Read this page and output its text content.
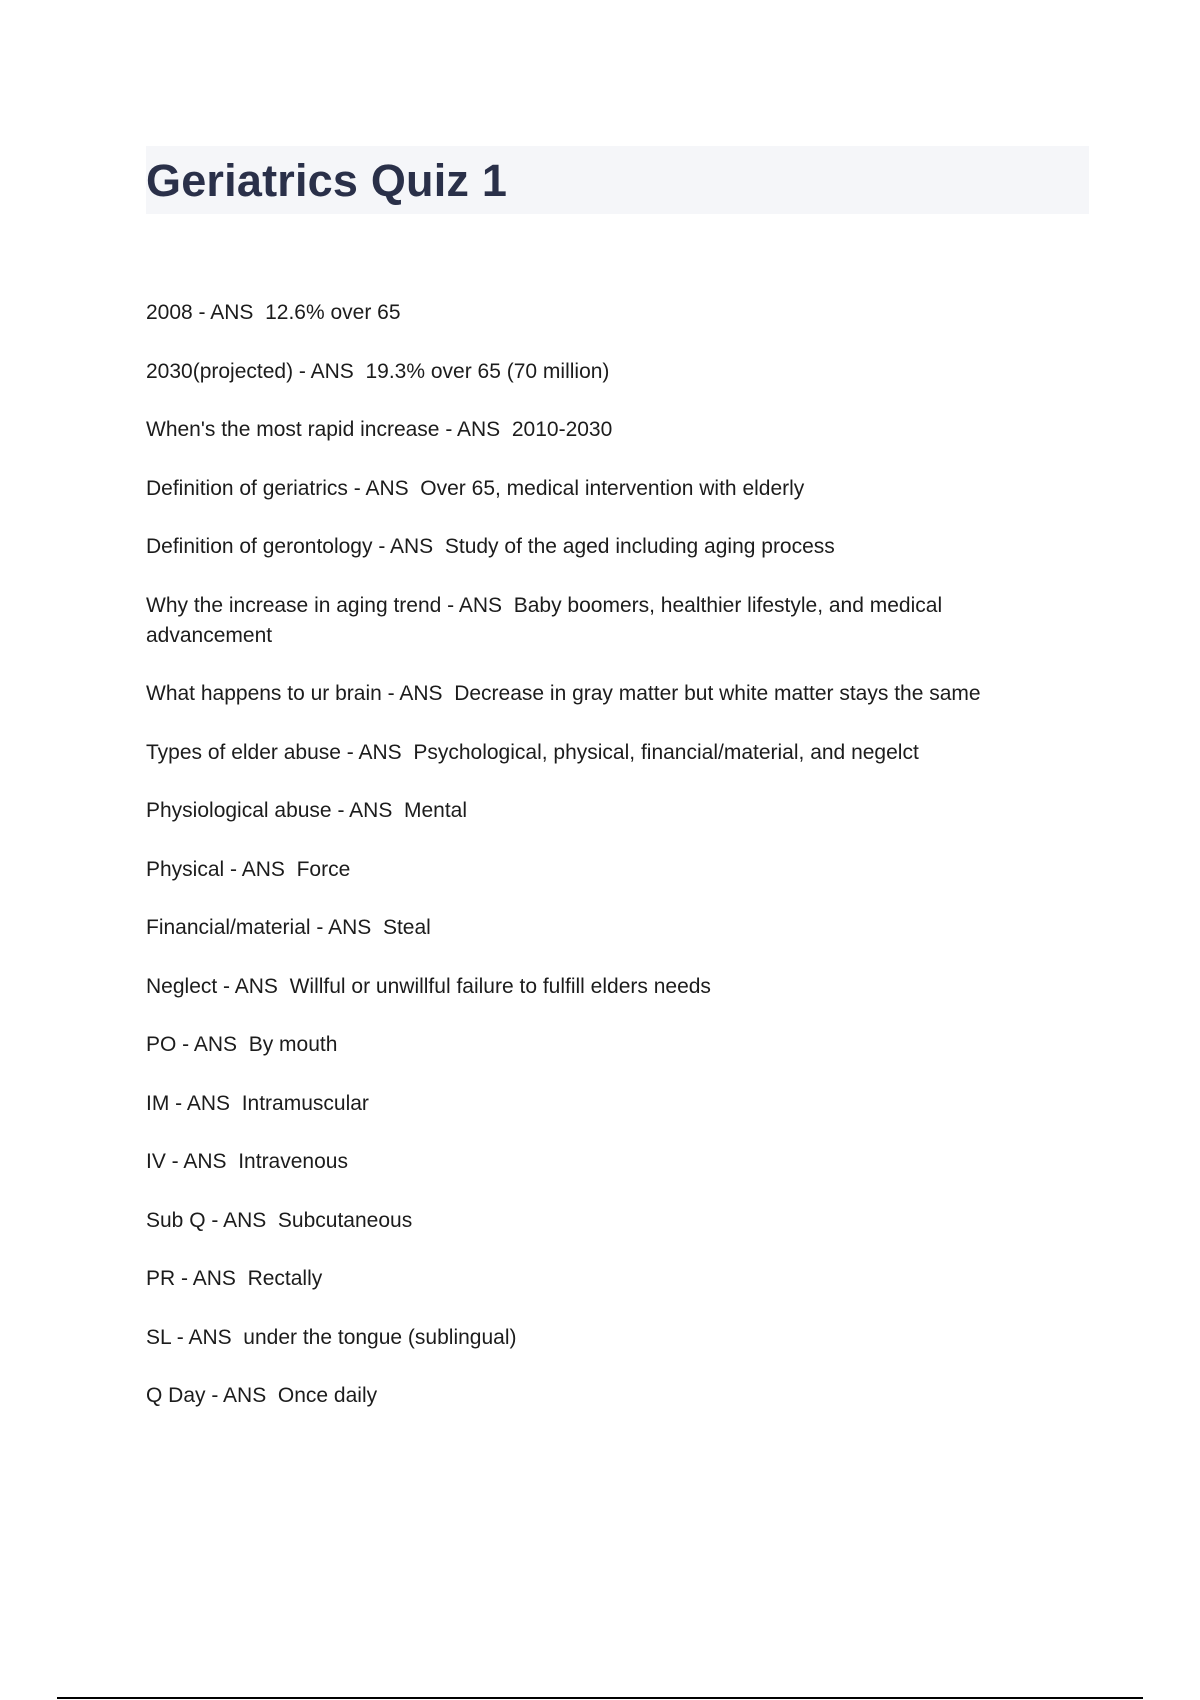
Geriatrics Quiz 1
2008 - ANS 12.6% over 65
2030(projected) - ANS 19.3% over 65 (70 million)
When's the most rapid increase - ANS 2010-2030
Definition of geriatrics - ANS Over 65, medical intervention with elderly
Definition of gerontology - ANS Study of the aged including aging process
Why the increase in aging trend - ANS Baby boomers, healthier lifestyle, and medical advancement
What happens to ur brain - ANS Decrease in gray matter but white matter stays the same
Types of elder abuse - ANS Psychological, physical, financial/material, and negelct
Physiological abuse - ANS Mental
Physical - ANS Force
Financial/material - ANS Steal
Neglect - ANS Willful or unwillful failure to fulfill elders needs
PO - ANS By mouth
IM - ANS Intramuscular
IV - ANS Intravenous
Sub Q - ANS Subcutaneous
PR - ANS Rectally
SL - ANS under the tongue (sublingual)
Q Day - ANS Once daily
